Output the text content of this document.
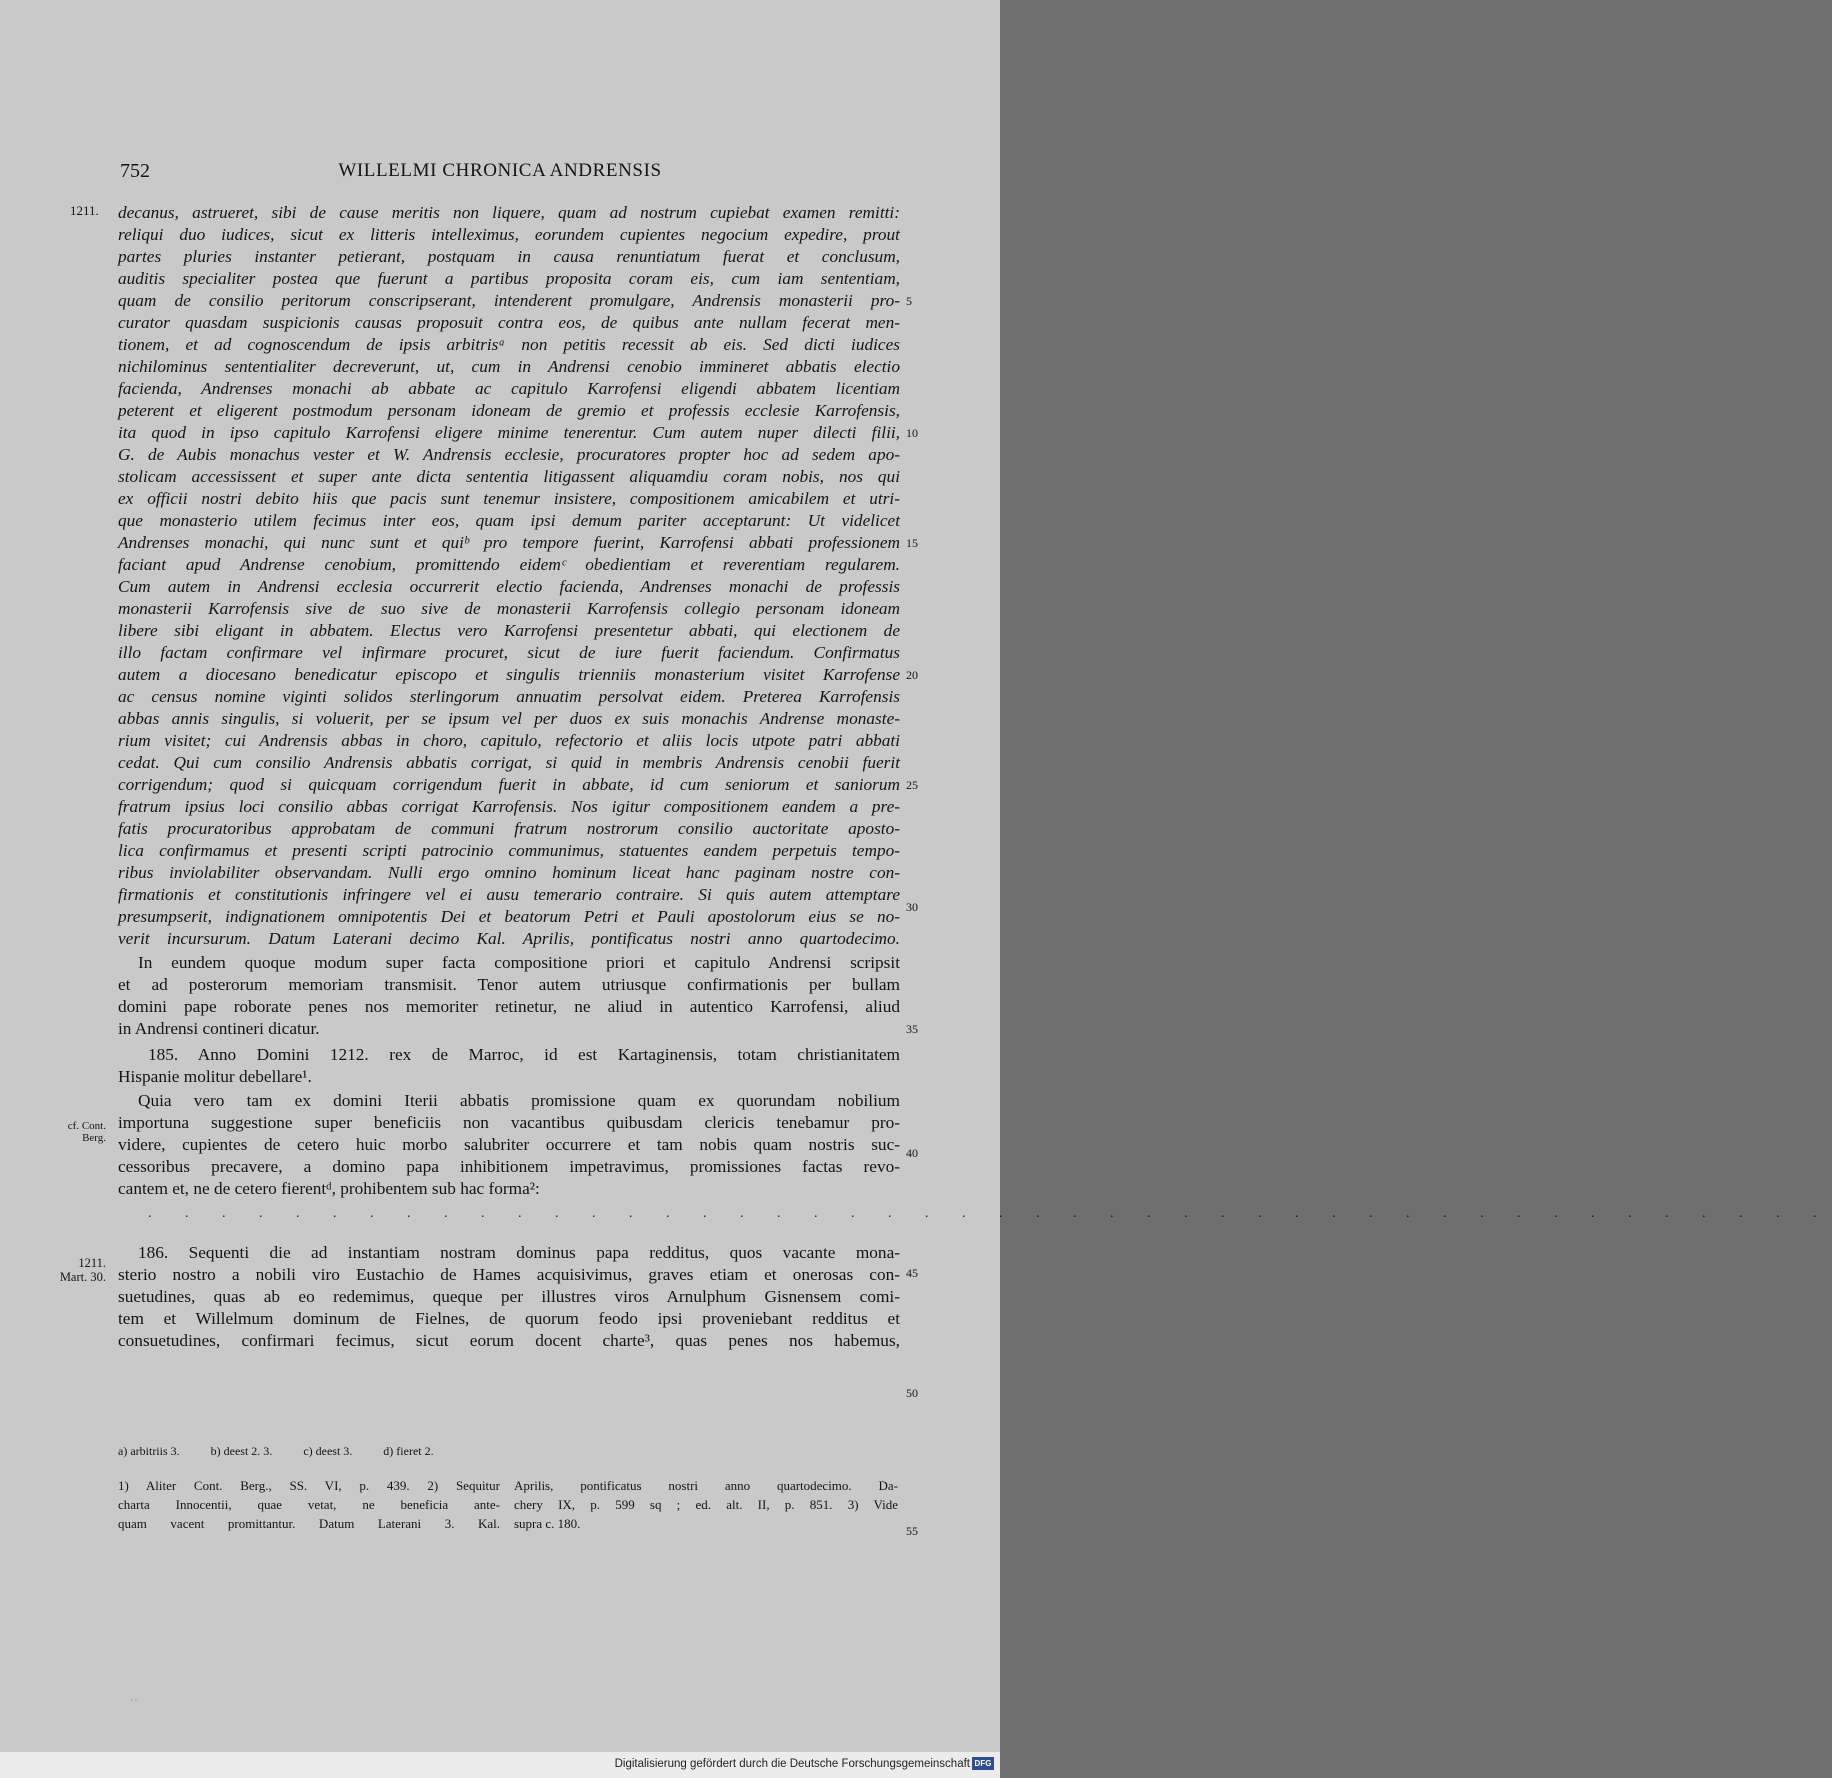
752	WILLELMI CHRONICA ANDRENSIS
1211.
cf. Cont.
Berg.
1211.
Mart. 30.
decanus, astrueret, sibi de cause meritis non liquere, quam ad nostrum cupiebat examen remitti:
reliqui duo iudices, sicut ex litteris intelleximus, eorundem cupientes negocium expedire, prout
partes pluries instanter petierant, postquam in causa renuntiatum fuerat et conclusum,
auditis specialiter postea que fuerunt a partibus proposita coram eis, cum iam sententiam,
quam de consilio peritorum conscripserant, intenderent promulgare, Andrensis monasterii pro-
curator quasdam suspicionis causas proposuit contra eos, de quibus ante nullam fecerat men-
tionem, et ad cognoscendum de ipsis arbitrisᵃ non petitis recessit ab eis. Sed dicti iudices
nichilominus sententialiter decreverunt, ut, cum in Andrensi cenobio immineret abbatis electio
facienda, Andrenses monachi ab abbate ac capitulo Karrofensi eligendi abbatem licentiam
peterent et eligerent postmodum personam idoneam de gremio et professis ecclesie Karrofensis,
ita quod in ipso capitulo Karrofensi eligere minime tenerentur. Cum autem nuper dilecti filii,
G. de Aubis monachus vester et W. Andrensis ecclesie, procuratores propter hoc ad sedem apo-
stolicam accessissent et super ante dicta sententia litigassent aliquamdiu coram nobis, nos qui
ex officii nostri debito hiis que pacis sunt tenemur insistere, compositionem amicabilem et utri-
que monasterio utilem fecimus inter eos, quam ipsi demum pariter acceptarunt: Ut videlicet
Andrenses monachi, qui nunc sunt et quiᵇ pro tempore fuerint, Karrofensi abbati professionem
faciant apud Andrense cenobium, promittendo eidemᶜ obedientiam et reverentiam regularem.
Cum autem in Andrensi ecclesia occurrerit electio facienda, Andrenses monachi de professis
monasterii Karrofensis sive de suo sive de monasterii Karrofensis collegio personam idoneam
libere sibi eligant in abbatem. Electus vero Karrofensi presentetur abbati, qui electionem de
illo factam confirmare vel infirmare procuret, sicut de iure fuerit faciendum. Confirmatus
autem a diocesano benedicatur episcopo et singulis trienniis monasterium visitet Karrofense
ac census nomine viginti solidos sterlingorum annuatim persolvat eidem. Preterea Karrofensis
abbas annis singulis, si voluerit, per se ipsum vel per duos ex suis monachis Andrense monaste-
rium visitet; cui Andrensis abbas in choro, capitulo, refectorio et aliis locis utpote patri abbati
cedat. Qui cum consilio Andrensis abbatis corrigat, si quid in membris Andrensis cenobii fuerit
corrigendum; quod si quicquam corrigendum fuerit in abbate, id cum seniorum et saniorum
fratrum ipsius loci consilio abbas corrigat Karrofensis. Nos igitur compositionem eandem a pre-
fatis procuratoribus approbatam de communi fratrum nostrorum consilio auctoritate aposto-
lica confirmamus et presenti scripti patrocinio communimus, statuentes eandem perpetuis tempo-
ribus inviolabiliter observandam. Nulli ergo omnino hominum liceat hanc paginam nostre con-
firmationis et constitutionis infringere vel ei ausu temerario contraire. Si quis autem attemptare
presumpserit, indignationem omnipotentis Dei et beatorum Petri et Pauli apostolorum eius se no-
verit incursurum. Datum Laterani decimo Kal. Aprilis, pontificatus nostri anno quartodecimo.
In eundem quoque modum super facta compositione priori et capitulo Andrensi scripsit
et ad posterorum memoriam transmisit. Tenor autem utriusque confirmationis per bullam
domini pape roborate penes nos memoriter retinetur, ne aliud in autentico Karrofensi, aliud
in Andrensi contineri dicatur.
185. Anno Domini 1212. rex de Marroc, id est Kartaginensis, totam christianitatem
Hispanie molitur debellare¹.
Quia vero tam ex domini Iterii abbatis promissione quam ex quorundam nobilium
importuna suggestione super beneficiis non vacantibus quibusdam clericis tenebamur pro-
videre, cupientes de cetero huic morbo salubriter occurrere et tam nobis quam nostris suc-
cessoribus precavere, a domino papa inhibitionem impetravimus, promissiones factas revo-
cantem et, ne de cetero fierentᵈ, prohibentem sub hac forma²:
186. Sequenti die ad instantiam nostram dominus papa redditus, quos vacante mona-
sterio nostro a nobili viro Eustachio de Hames acquisivimus, graves etiam et onerosas con-
suetudines, quas ab eo redemimus, queque per illustres viros Arnulphum Gisnensem comi-
tem et Willelmum dominum de Fielnes, de quorum feodo ipsi proveniebant redditus et
consuetudines, confirmari fecimus, sicut eorum docent charte³, quas penes nos habemus,
. . . . . . . . . . . . . . . . . . . . . . . . . . . . . . . . . . . . . . . . . . . . . .
5
10
15
20
25
30
35
40
45
50
55
a) arbitriis 3.	b) deest 2. 3.	c) deest 3.	d) fieret 2.
1) Aliter Cont. Berg., SS. VI, p. 439. 2) Sequitur
charta Innocentii, quae vetat, ne beneficia ante-
quam vacent promittantur. Datum Laterani 3. Kal.
Aprilis, pontificatus nostri anno quartodecimo. Da-
chery IX, p. 599 sq ; ed. alt. II, p. 851. 3) Vide
supra c. 180.
· ·
Digitalisierung gefördert durch die Deutsche Forschungsgemeinschaft DFG
